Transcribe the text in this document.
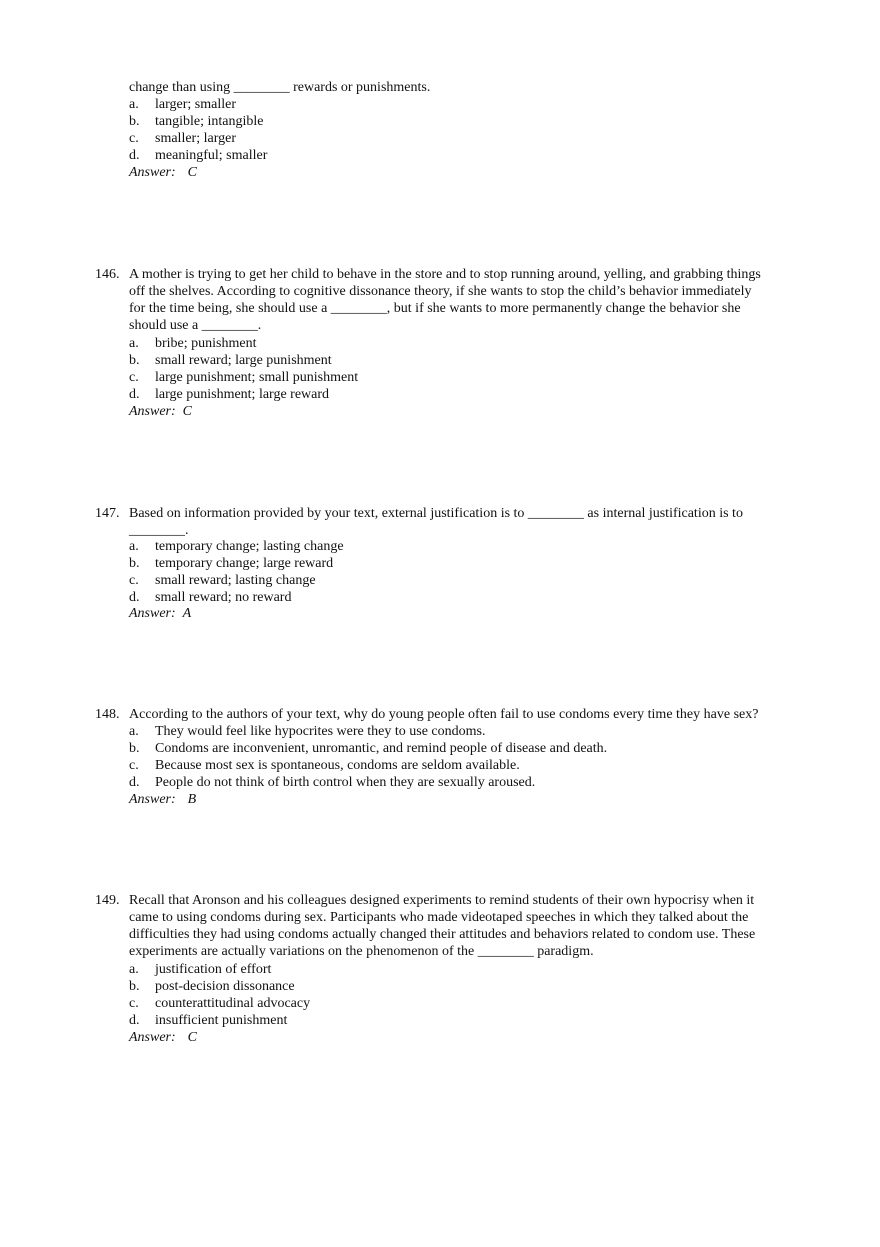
change than using ________ rewards or punishments.
a. larger; smaller
b. tangible; intangible
c. smaller; larger
d. meaningful; smaller
Answer: C
146. A mother is trying to get her child to behave in the store and to stop running around, yelling, and grabbing things
off the shelves. According to cognitive dissonance theory, if she wants to stop the child’s behavior immediately
for the time being, she should use a ________, but if she wants to more permanently change the behavior she
should use a ________.
a. bribe; punishment
b. small reward; large punishment
c. large punishment; small punishment
d. large punishment; large reward
Answer: C
147. Based on information provided by your text, external justification is to ________ as internal justification is to
________.
a. temporary change; lasting change
b. temporary change; large reward
c. small reward; lasting change
d. small reward; no reward
Answer: A
148. According to the authors of your text, why do young people often fail to use condoms every time they have sex?
a. They would feel like hypocrites were they to use condoms.
b. Condoms are inconvenient, unromantic, and remind people of disease and death.
c. Because most sex is spontaneous, condoms are seldom available.
d. People do not think of birth control when they are sexually aroused.
Answer: B
149. Recall that Aronson and his colleagues designed experiments to remind students of their own hypocrisy when it
came to using condoms during sex. Participants who made videotaped speeches in which they talked about the
difficulties they had using condoms actually changed their attitudes and behaviors related to condom use. These
experiments are actually variations on the phenomenon of the ________ paradigm.
a. justification of effort
b. post-decision dissonance
c. counterattitudinal advocacy
d. insufficient punishment
Answer: C
